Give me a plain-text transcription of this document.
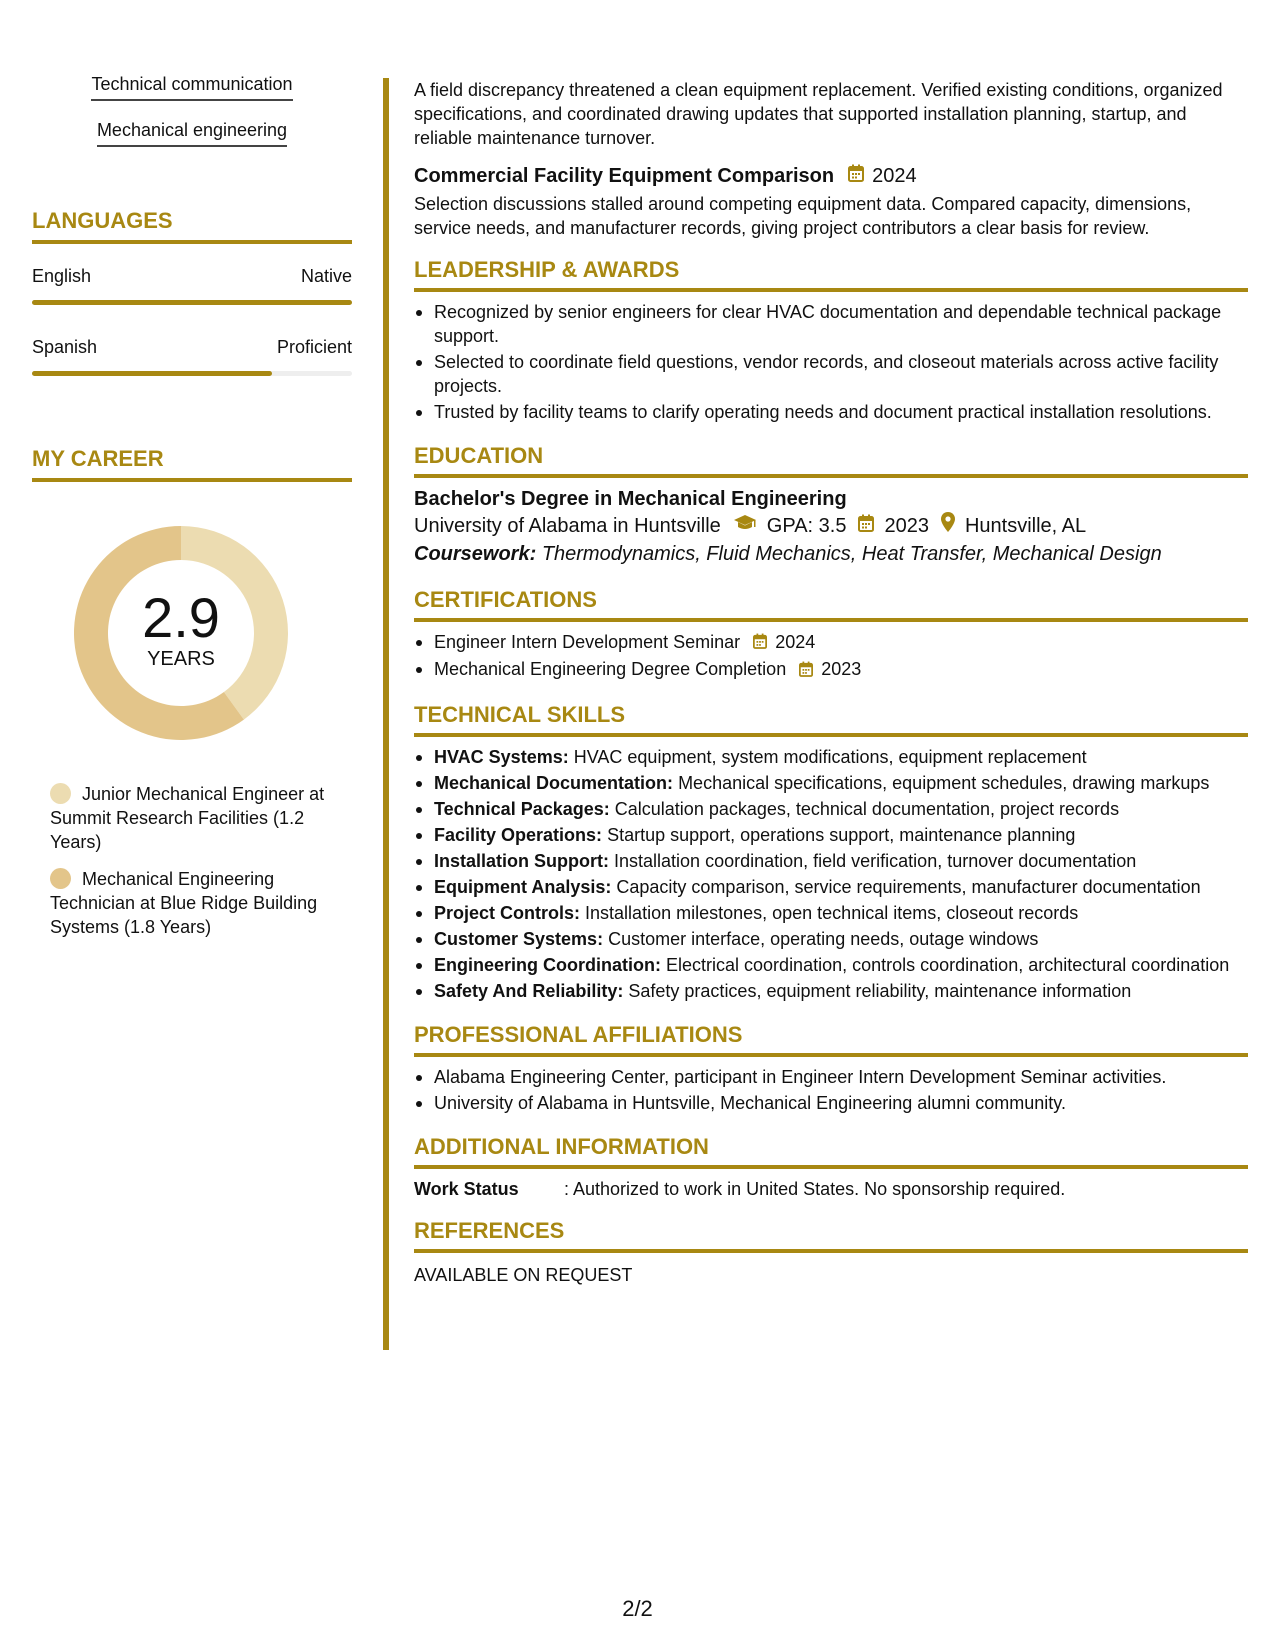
Technical communication
Mechanical engineering
LANGUAGES
English	Native
Spanish	Proficient
MY CAREER
2.9
YEARS
Junior Mechanical Engineer at Summit Research Facilities (1.2 Years)
Mechanical Engineering Technician at Blue Ridge Building Systems (1.8 Years)

A field discrepancy threatened a clean equipment replacement. Verified existing conditions, organized specifications, and coordinated drawing updates that supported installation planning, startup, and reliable maintenance turnover.

Commercial Facility Equipment Comparison 2024

Selection discussions stalled around competing equipment data. Compared capacity, dimensions, service needs, and manufacturer records, giving project contributors a clear basis for review.

LEADERSHIP & AWARDS
Recognized by senior engineers for clear HVAC documentation and dependable technical package support.
Selected to coordinate field questions, vendor records, and closeout materials across active facility projects.
Trusted by facility teams to clarify operating needs and document practical installation resolutions.
EDUCATION
Bachelor's Degree in Mechanical Engineering
University of Alabama in Huntsville GPA: 3.5 2023 Huntsville, AL
Coursework: Thermodynamics, Fluid Mechanics, Heat Transfer, Mechanical Design
CERTIFICATIONS
Engineer Intern Development Seminar 2024
Mechanical Engineering Degree Completion 2023
TECHNICAL SKILLS
HVAC Systems: HVAC equipment, system modifications, equipment replacement
Mechanical Documentation: Mechanical specifications, equipment schedules, drawing markups
Technical Packages: Calculation packages, technical documentation, project records
Facility Operations: Startup support, operations support, maintenance planning
Installation Support: Installation coordination, field verification, turnover documentation
Equipment Analysis: Capacity comparison, service requirements, manufacturer documentation
Project Controls: Installation milestones, open technical items, closeout records
Customer Systems: Customer interface, operating needs, outage windows
Engineering Coordination: Electrical coordination, controls coordination, architectural coordination
Safety And Reliability: Safety practices, equipment reliability, maintenance information
PROFESSIONAL AFFILIATIONS
Alabama Engineering Center, participant in Engineer Intern Development Seminar activities.
University of Alabama in Huntsville, Mechanical Engineering alumni community.
ADDITIONAL INFORMATION
Work Status	: Authorized to work in United States. No sponsorship required.
REFERENCES
AVAILABLE ON REQUEST
2/2
